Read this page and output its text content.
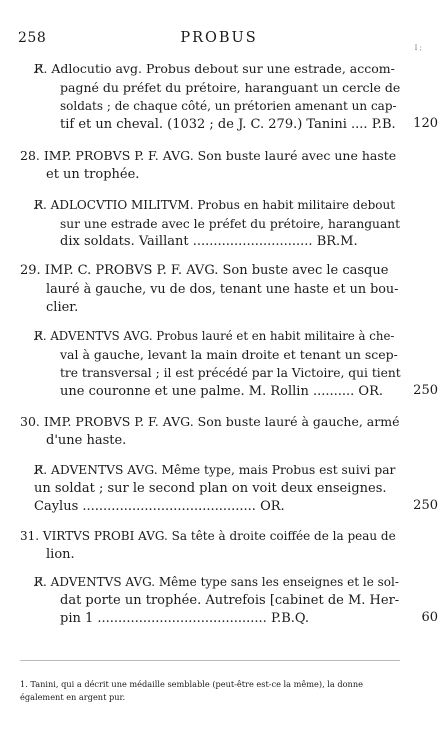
258	PROBUS
I ;
R̸. Adlocutio avg. Probus debout sur une estrade, accom-
pagné du préfet du prétoire, haranguant un cercle de
soldats ; de chaque côté, un prétorien amenant un cap-
tif et un cheval. (1032 ; de J. C. 279.) Tanini .... P.B.	120
28. IMP. PROBVS P. F. AVG. Son buste lauré avec une haste
et un trophée.
R̸. ADLOCVTIO MILITVM. Probus en habit militaire debout
sur une estrade avec le préfet du prétoire, haranguant
dix soldats. Vaillant ............................. BR.M.
29. IMP. C. PROBVS P. F. AVG. Son buste avec le casque
lauré à gauche, vu de dos, tenant une haste et un bou-
clier.
R̸. ADVENTVS AVG. Probus lauré et en habit militaire à che-
val à gauche, levant la main droite et tenant un scep-
tre transversal ; il est précédé par la Victoire, qui tient
une couronne et une palme. M. Rollin .......... OR.	250
30. IMP. PROBVS P. F. AVG. Son buste lauré à gauche, armé
d'une haste.
R̸. ADVENTVS AVG. Même type, mais Probus est suivi par
un soldat ; sur le second plan on voit deux enseignes.
Caylus .......................................... OR.	250
31. VIRTVS PROBI AVG. Sa tête à droite coiffée de la peau de
lion.
R̸. ADVENTVS AVG. Même type sans les enseignes et le sol-
dat porte un trophée. Autrefois [cabinet de M. Her-
pin 1 ......................................... P.B.Q.	60
1. Tanini, qui a décrit une médaille semblable (peut-être est-ce la même), la donne
également en argent pur.
